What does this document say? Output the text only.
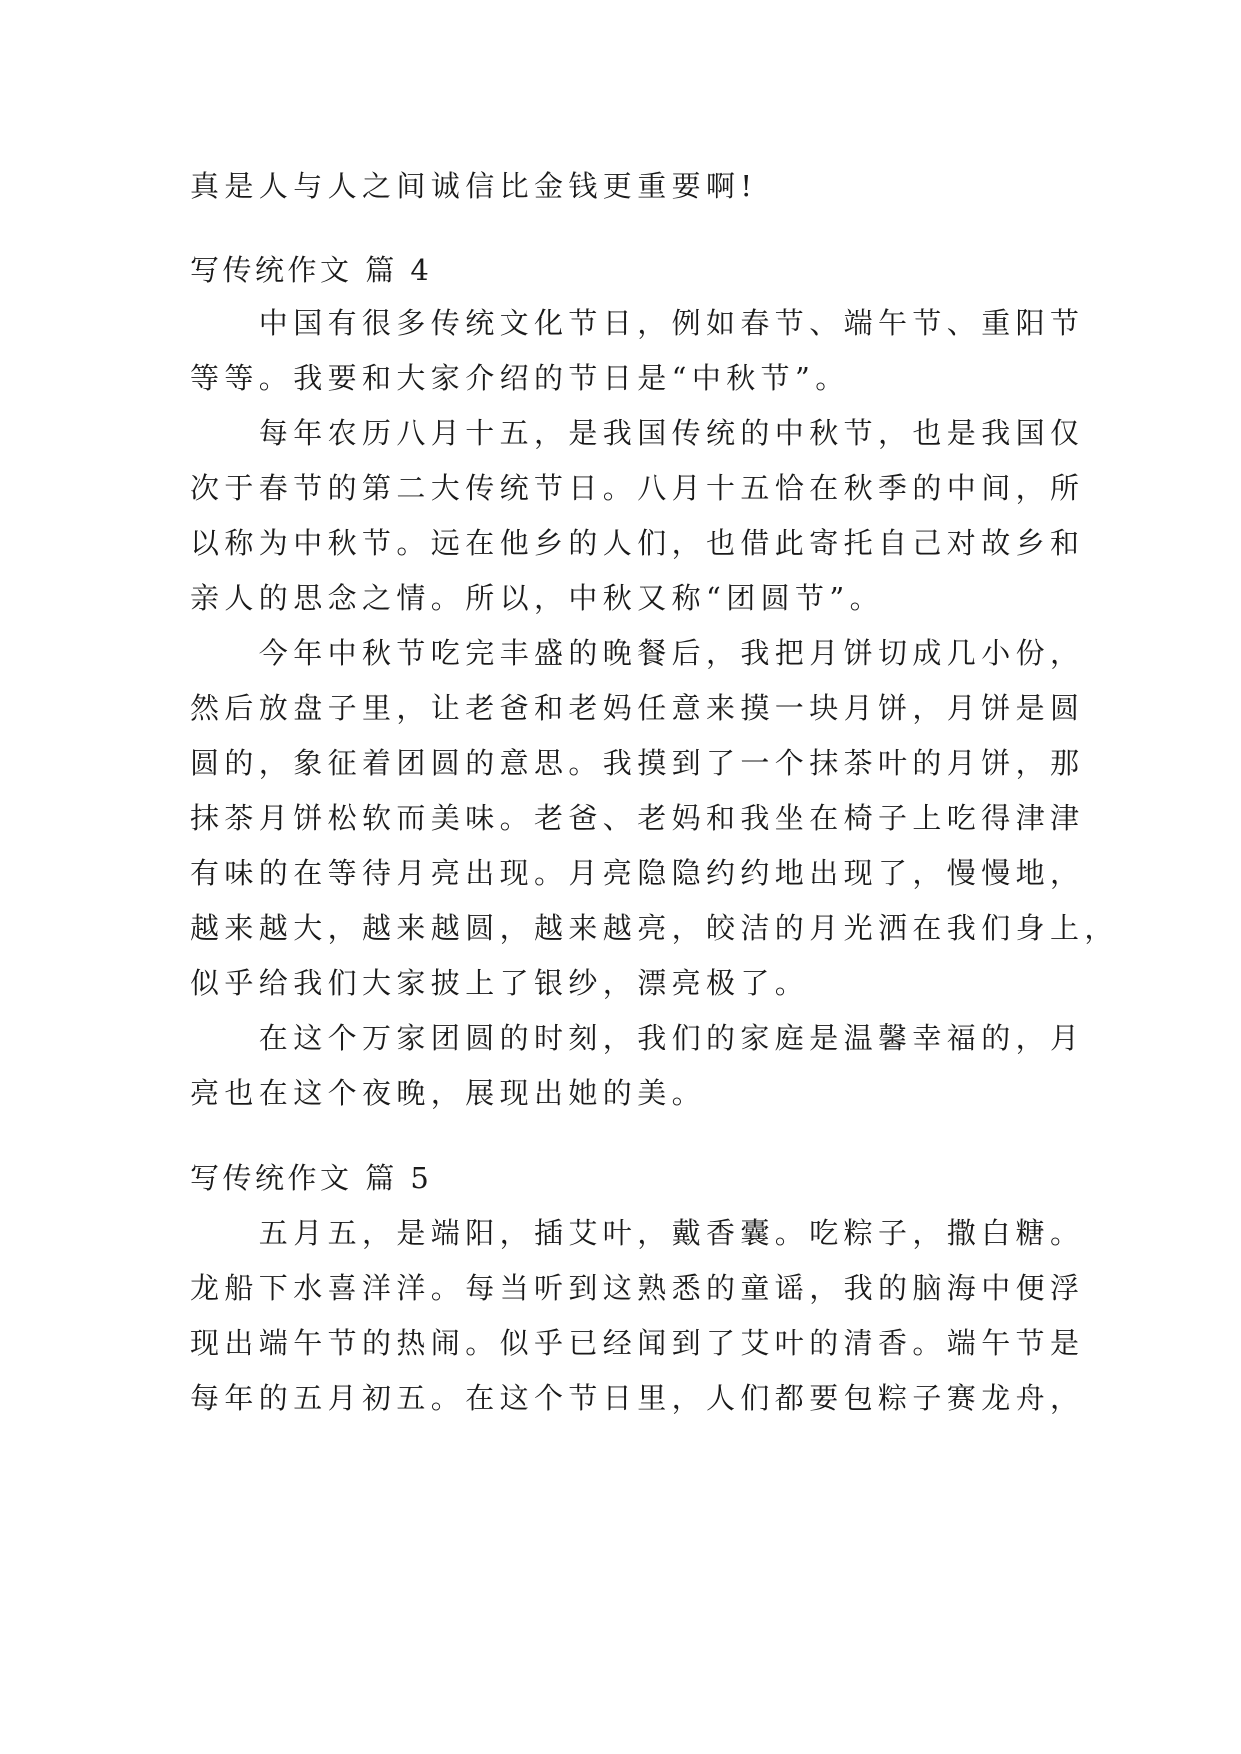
真是人与人之间诚信比金钱更重要啊!
写传统作文 篇 4
　　中国有很多传统文化节日，例如春节、端午节、重阳节
等等。我要和大家介绍的节日是“中秋节”。
　　每年农历八月十五，是我国传统的中秋节，也是我国仅
次于春节的第二大传统节日。八月十五恰在秋季的中间，所
以称为中秋节。远在他乡的人们，也借此寄托自己对故乡和
亲人的思念之情。所以，中秋又称“团圆节”。
　　今年中秋节吃完丰盛的晚餐后，我把月饼切成几小份，
然后放盘子里，让老爸和老妈任意来摸一块月饼，月饼是圆
圆的，象征着团圆的意思。我摸到了一个抹茶叶的月饼，那
抹茶月饼松软而美味。老爸、老妈和我坐在椅子上吃得津津
有味的在等待月亮出现。月亮隐隐约约地出现了，慢慢地，
越来越大，越来越圆，越来越亮，皎洁的月光洒在我们身上，
似乎给我们大家披上了银纱，漂亮极了。
　　在这个万家团圆的时刻，我们的家庭是温馨幸福的，月
亮也在这个夜晚，展现出她的美。
写传统作文 篇 5
　　五月五，是端阳，插艾叶，戴香囊。吃粽子，撒白糖。
龙船下水喜洋洋。每当听到这熟悉的童谣，我的脑海中便浮
现出端午节的热闹。似乎已经闻到了艾叶的清香。端午节是
每年的五月初五。在这个节日里，人们都要包粽子赛龙舟，
